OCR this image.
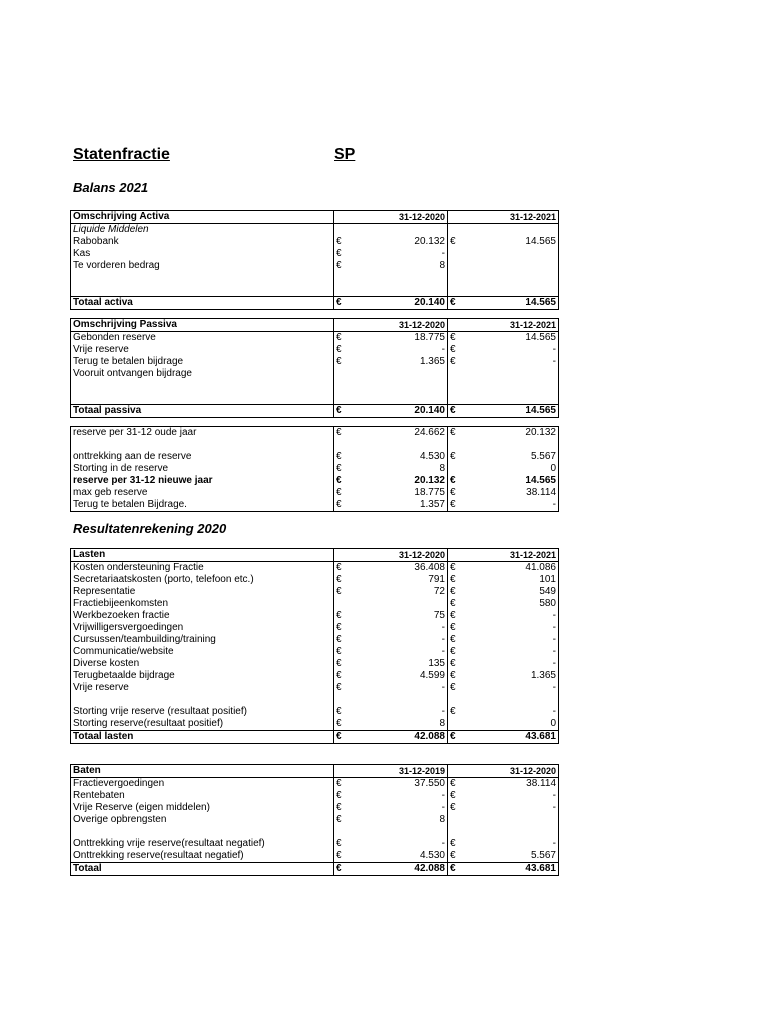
Statenfractie	SP
Balans 2021
Omschrijving Activa		31-12-2020		31-12-2021
Liquide Middelen				
Rabobank	€	20.132	€	14.565
Kas	€	-		
Te vorderen bedrag	€	8		

Totaal activa	€	20.140	€	14.565
Omschrijving Passiva		31-12-2020		31-12-2021
Gebonden reserve	€	18.775	€	14.565
Vrije reserve	€	-	€	-
Terug te betalen bijdrage	€	1.365	€	-
Vooruit ontvangen bijdrage				

Totaal passiva	€	20.140	€	14.565
reserve per 31-12 oude jaar	€	24.662	€	20.132

onttrekking aan de reserve	€	4.530	€	5.567
Storting in de reserve	€	8		0
reserve per 31-12 nieuwe jaar	€	20.132	€	14.565
max geb reserve	€	18.775	€	38.114
Terug te betalen Bijdrage.	€	1.357	€	-
Resultatenrekening 2020
Lasten		31-12-2020		31-12-2021
Kosten ondersteuning Fractie	€	36.408	€	41.086
Secretariaatskosten (porto, telefoon etc.)	€	791	€	101
Representatie	€	72	€	549
Fractiebijeenkomsten			€	580
Werkbezoeken fractie	€	75	€	-
Vrijwilligersvergoedingen	€	-	€	-
Cursussen/teambuilding/training	€	-	€	-
Communicatie/website	€	-	€	-
Diverse kosten	€	135	€	-
Terugbetaalde bijdrage	€	4.599	€	1.365
Vrije reserve	€	-	€	-

Storting vrije reserve (resultaat positief)	€	-	€	-
Storting reserve(resultaat positief)	€	8		0
Totaal lasten	€	42.088	€	43.681
Baten		31-12-2019		31-12-2020
Fractievergoedingen	€	37.550	€	38.114
Rentebaten	€	-	€	-
Vrije Reserve (eigen middelen)	€	-	€	-
Overige opbrengsten	€	8		

Onttrekking vrije reserve(resultaat negatief)	€	-	€	-
Onttrekking reserve(resultaat negatief)	€	4.530	€	5.567
Totaal	€	42.088	€	43.681
